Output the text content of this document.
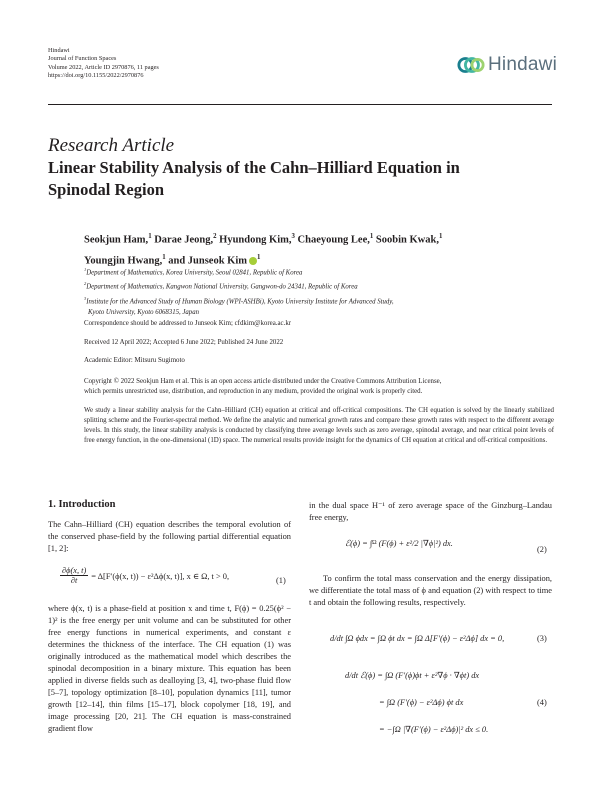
Hindawi
Journal of Function Spaces
Volume 2022, Article ID 2970876, 11 pages
https://doi.org/10.1155/2022/2970876
Hindawi
Research Article
Linear Stability Analysis of the Cahn–Hilliard Equation in
Spinodal Region
Seokjun Ham,$^1$ Darae Jeong,$^2$ Hyundong Kim,$^3$ Chaeyoung Lee,$^1$ Soobin Kwak,$^1$
Youngjin Hwang,$^1$ and Junseok Kim $^1$
$^1$Department of Mathematics, Korea University, Seoul 02841, Republic of Korea
$^2$Department of Mathematics, Kangwon National University, Gangwon-do 24341, Republic of Korea
$^3$Institute for the Advanced Study of Human Biology (WPI-ASHBi), Kyoto University Institute for Advanced Study,
Kyoto University, Kyoto 6068315, Japan
Correspondence should be addressed to Junseok Kim; cfdkim@korea.ac.kr
Received 12 April 2022; Accepted 6 June 2022; Published 24 June 2022
Academic Editor: Mitsuru Sugimoto
Copyright © 2022 Seokjun Ham et al. This is an open access article distributed under the Creative Commons Attribution License,
which permits unrestricted use, distribution, and reproduction in any medium, provided the original work is properly cited.
We study a linear stability analysis for the Cahn–Hilliard (CH) equation at critical and off-critical compositions. The CH equation is solved by the linearly stabilized splitting scheme and the Fourier-spectral method. We define the analytic and numerical growth rates and compare these growth rates with respect to the different average levels. In this study, the linear stability analysis is conducted by classifying three average levels such as zero average, spinodal average, and near critical point levels of free energy function, in the one-dimensional (1D) space. The numerical results provide insight for the dynamics of CH equation at critical and off-critical compositions.
1. Introduction
The Cahn–Hilliard (CH) equation describes the temporal evolution of the conserved phase-field by the following partial differential equation [1, 2]:
$\frac{\partial\phi(x, t)}{\partial t} = \Delta[F'(\phi(x$, t)) − ε²Δϕ(x, t)], x ∈ Ω, t > 0,	(1)
where ϕ(x, t) is a phase-field at position x and time t, F(ϕ) = 0.25(ϕ² − 1)² is the free energy per unit volume and can be substituted for other free energy functions in numerical experiments, and constant ε determines the thickness of the interface. The CH equation (1) was originally introduced as the mathematical model which describes the spinodal decomposition in a binary mixture. This equation has been applied in diverse fields such as dealloying [3, 4], two-phase fluid flow [5–7], topology optimization [8–10], population dynamics [11], tumor growth [12–14], thin films [15–17], block copolymer [18, 19], and image processing [20, 21]. The CH equation is mass-constrained gradient flow
in the dual space H⁻¹ of zero average space of the Ginzburg–Landau free energy,
ℰ(ϕ) = ∫ Ω (F(ϕ) + ε²/2 |∇ϕ|²) dx.
(2)
To confirm the total mass conservation and the energy dissipation, we differentiate the total mass of ϕ and equation (2) with respect to time t and obtain the following results, respectively.
d/dt ∫Ω ϕdx = ∫Ω ϕt dx = ∫Ω Δ[F′(ϕ) − ε²Δϕ] dx = 0,	(3)
d/dt ℰ(ϕ) = ∫Ω (F′(ϕ)ϕt + ε²∇ϕ · ∇ϕt) dx
= ∫Ω (F′(ϕ) − ε²Δϕ) ϕt dx
= −∫Ω |∇(F′(ϕ) − ε²Δϕ)|² dx ≤ 0.
(4)
